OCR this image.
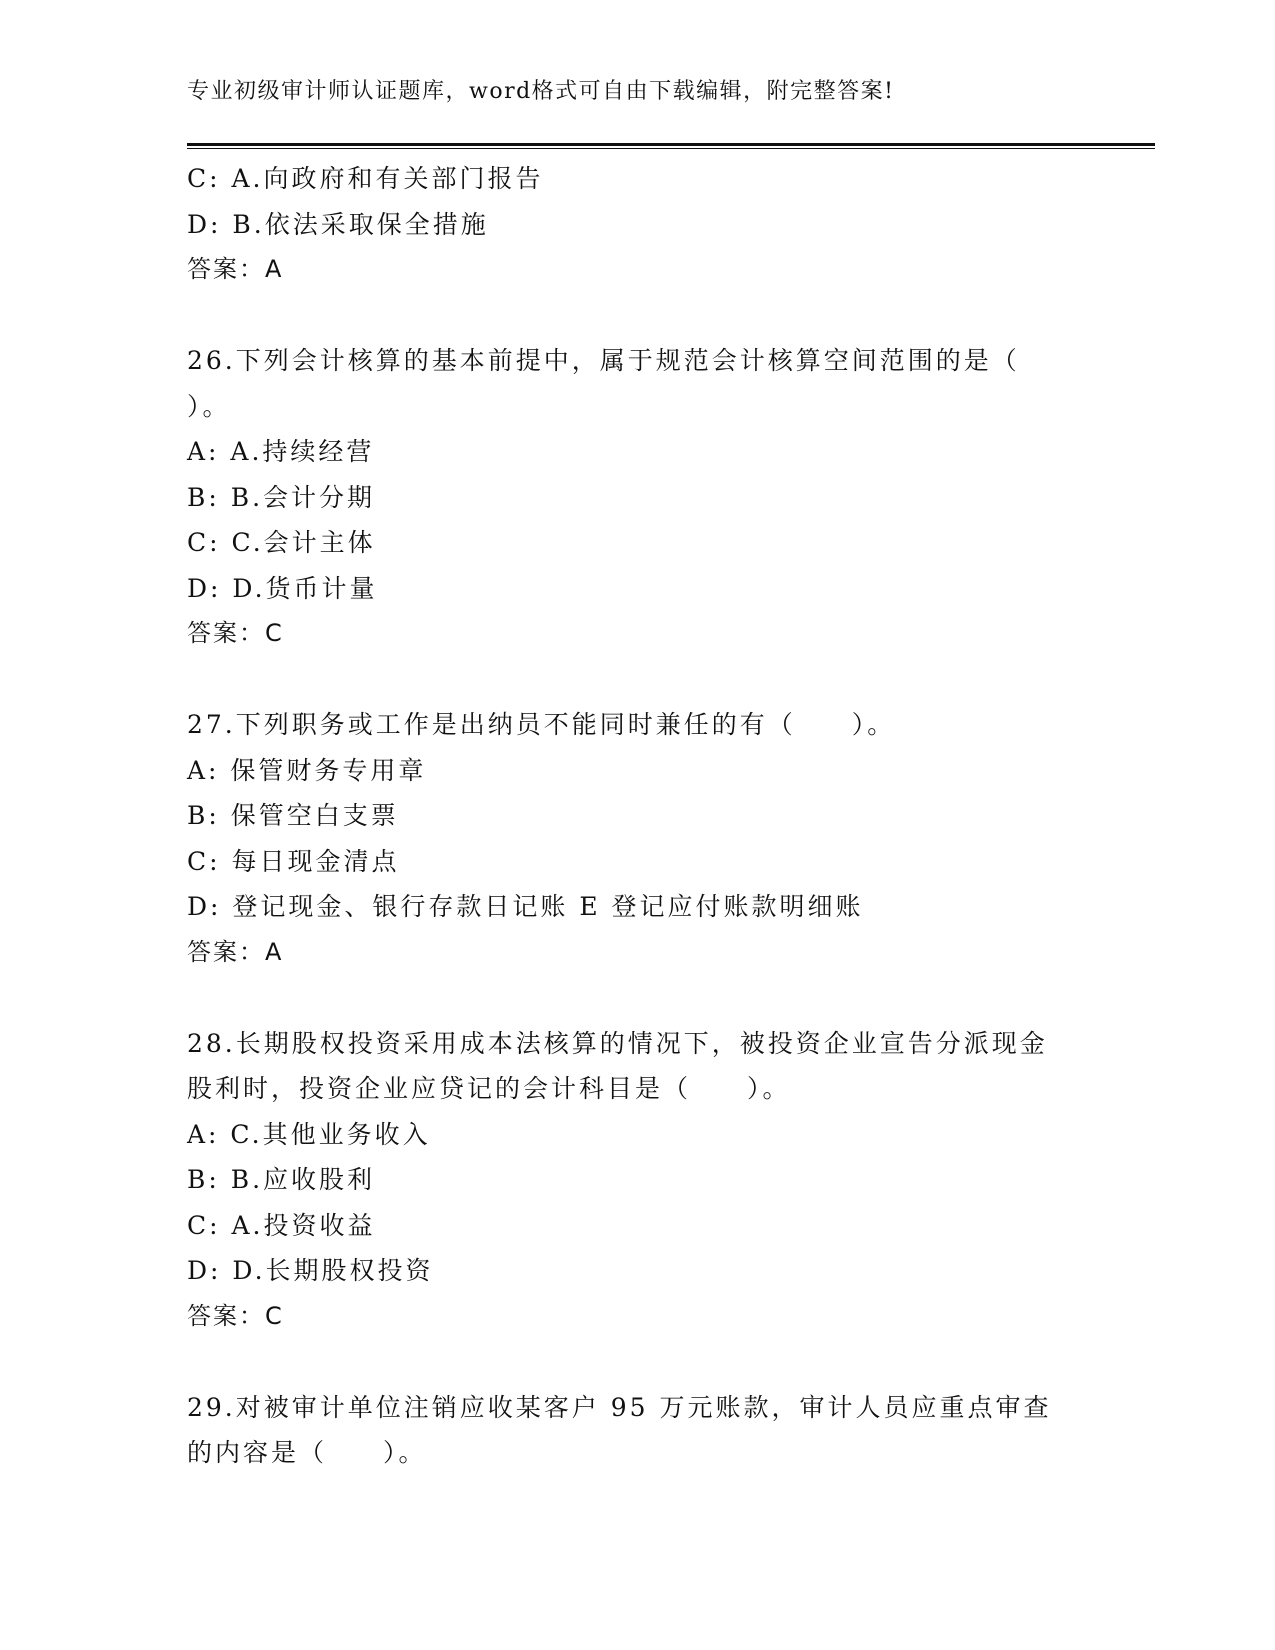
专业初级审计师认证题库，word格式可自由下载编辑，附完整答案!
C: A.向政府和有关部门报告
D: B.依法采取保全措施
答案：A
26.下列会计核算的基本前提中，属于规范会计核算空间范围的是（
）。
A: A.持续经营
B: B.会计分期
C: C.会计主体
D: D.货币计量
答案：C
27.下列职务或工作是出纳员不能同时兼任的有（　　）。
A: 保管财务专用章
B: 保管空白支票
C: 每日现金清点
D: 登记现金、银行存款日记账 E 登记应付账款明细账
答案：A
28.长期股权投资采用成本法核算的情况下，被投资企业宣告分派现金
股利时，投资企业应贷记的会计科目是（　　）。
A: C.其他业务收入
B: B.应收股利
C: A.投资收益
D: D.长期股权投资
答案：C
29.对被审计单位注销应收某客户 95 万元账款，审计人员应重点审查
的内容是（　　）。
